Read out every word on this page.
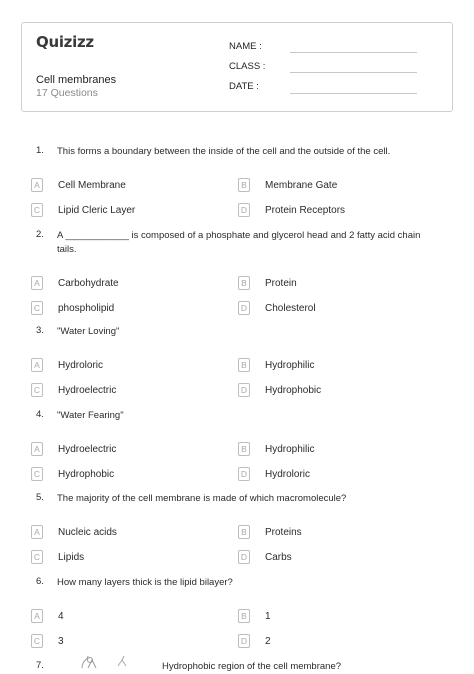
Quizizz
Cell membranes
17 Questions
NAME :
CLASS :
DATE :
1. This forms a boundary between the inside of the cell and the outside of the cell.
A	Cell Membrane	B	Membrane Gate
C Lipid Cleric Layer	D Protein Receptors
2. A ____________ is composed of a phosphate and glycerol head and 2 fatty acid chain tails.
A	Carbohydrate	B	Protein
C phospholipid	D Cholesterol
3. "Water Loving"
A	Hydroloric	B	Hydrophilic
C Hydroelectric	D Hydrophobic
4. "Water Fearing"
A	Hydroelectric	B	Hydrophilic
C Hydrophobic	D Hydroloric
5. The majority of the cell membrane is made of which macromolecule?
A	Nucleic acids	B	Proteins
C Lipids	D Carbs
6. How many layers thick is the lipid bilayer?
A	4	B	1
C 3	D 2
7.	Hydrophobic region of the cell membrane?
